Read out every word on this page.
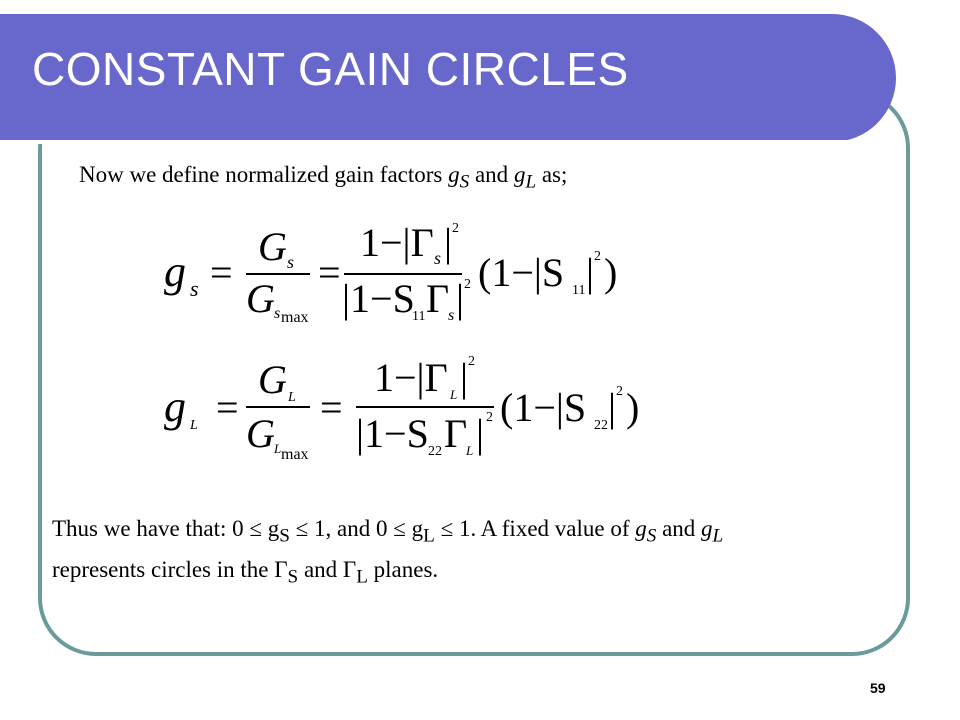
CONSTANT GAIN CIRCLES
Now we define normalized gain factors $g_S$ and $g_L$ as;
g s =
G s
G s max
=
1−|Γ s | 2
|1−S
11 Γ
s | 2 (1−|S 11 | 2 )
g L =
G L
G L max
=
1−|Γ L | 2
|1−S 22 Γ
L | 2 (1−|S 22 | 2 )
Thus we have that: $0 \le g_S \le 1$, and $0 \le g_L \le 1$. A fixed value of $g_S$ and $g_L$
represents circles in the $\Gamma_S$ and $\Gamma_L$ planes.
59
